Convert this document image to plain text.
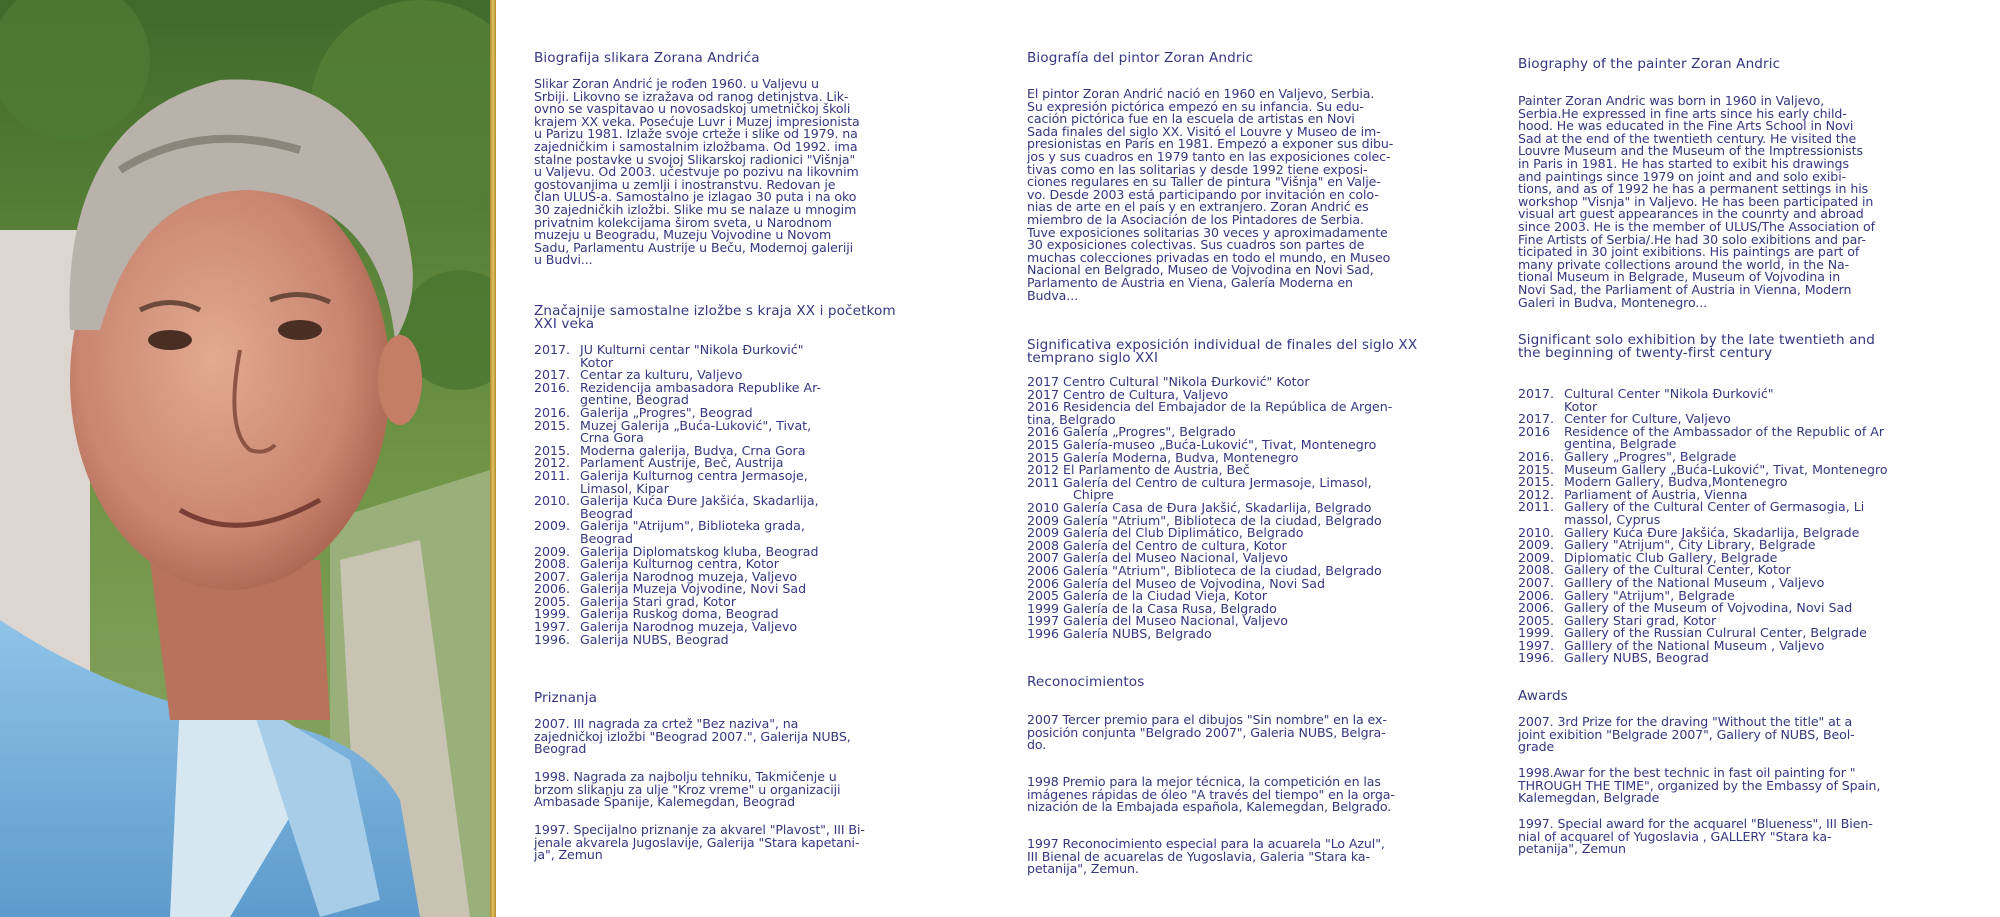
Biografija slikara Zorana Andrića

Slikar Zoran Andrić je rođen 1960. u Valjevu u

Srbiji. Likovno se izražava od ranog detinjstva. Lik-

ovno se vaspitavao u novosadskoj umetničkoj školi

krajem XX veka. Posećuje Luvr i Muzej impresionista

u Parizu 1981. Izlaže svoje crteže i slike od 1979. na

zajedničkim i samostalnim izložbama. Od 1992. ima

stalne postavke u svojoj Slikarskoj radionici "Višnja"

u Valjevu. Od 2003. učestvuje po pozivu na likovnim

gostovanjima u zemlji i inostranstvu. Redovan je

član ULUS-a. Samostalno je izlagao 30 puta i na oko

30 zajedničkih izložbi. Slike mu se nalaze u mnogim

privatnim kolekcijama širom sveta, u Narodnom

muzeju u Beogradu, Muzeju Vojvodine u Novom

Sadu, Parlamentu Austrije u Beču, Modernoj galeriji

u Budvi...

Značajnije samostalne izložbe s kraja XX i početkom

XXI veka

2017. JU Kulturni centar "Nikola Đurković"
Kotor
2017. Centar za kulturu, Valjevo
2016. Rezidencija ambasadora Republike Ar-
gentine, Beograd
2016. Galerija „Progres", Beograd
2015. Muzej Galerija „Buća-Luković", Tivat,
Crna Gora
2015. Moderna galerija, Budva, Crna Gora
2012. Parlament Austrije, Beč, Austrija
2011. Galerija Kulturnog centra Jermasoje,
Limasol, Kipar
2010. Galerija Kuća Đure Jakšića, Skadarlija,
Beograd
2009. Galerija "Atrijum", Biblioteka grada,
Beograd
2009. Galerija Diplomatskog kluba, Beograd
2008. Galerija Kulturnog centra, Kotor
2007. Galerija Narodnog muzeja, Valjevo
2006. Galerija Muzeja Vojvodine, Novi Sad
2005. Galerija Stari grad, Kotor
1999. Galerija Ruskog doma, Beograd
1997. Galerija Narodnog muzeja, Valjevo
1996. Galerija NUBS, Beograd

Priznanja

2007. III nagrada za crtež "Bez naziva", na

zajedničkoj izložbi "Beograd 2007.", Galerija NUBS,

Beograd

1998. Nagrada za najbolju tehniku, Takmičenje u

brzom slikanju za ulje "Kroz vreme" u organizaciji

Ambasade Španije, Kalemegdan, Beograd

1997. Specijalno priznanje za akvarel "Plavost", III Bi-

jenale akvarela Jugoslavije, Galerija "Stara kapetani-

ja", Zemun

Biografía del pintor Zoran Andric

El pintor Zoran Andrić nació en 1960 en Valjevo, Serbia.

Su expresión pictórica empezó en su infancia. Su edu-

cación pictórica fue en la escuela de artistas en Novi

Sada finales del siglo XX. Visitó el Louvre y Museo de im-

presionistas en París en 1981. Empezó a exponer sus dibu-

jos y sus cuadros en 1979 tanto en las exposiciones colec-

tivas como en las solitarias y desde 1992 tiene exposi-

ciones regulares en su Taller de pintura "Višnja" en Valje-

vo. Desde 2003 está participando por invitación en colo-

nias de arte en el país y en extranjero. Zoran Andrić es

miembro de la Asociación de los Pintadores de Serbia.

Tuve exposiciones solitarias 30 veces y aproximadamente

30 exposiciones colectivas. Sus cuadros son partes de

muchas colecciones privadas en todo el mundo, en Museo

Nacional en Belgrado, Museo de Vojvodina en Novi Sad,

Parlamento de Austria en Viena, Galería Moderna en

Budva...

Significativa exposición individual de finales del siglo XX

temprano siglo XXI

2017 Centro Cultural "Nikola Đurković" Kotor
2017 Centro de Cultura, Valjevo
2016 Residencia del Embajador de la República de Argen-
tina, Belgrado
2016 Galería „Progres", Belgrado
2015 Galería-museo „Buća-Luković", Tivat, Montenegro
2015 Galería Moderna, Budva, Montenegro
2012 El Parlamento de Austria, Beč
2011 Galería del Centro de cultura Jermasoje, Limasol,
Chipre
2010 Galería Casa de Đura Jakšić, Skadarlija, Belgrado
2009 Galería "Atrium", Biblioteca de la ciudad, Belgrado
2009 Galería del Club Diplimático, Belgrado
2008 Galería del Centro de cultura, Kotor
2007 Galería del Museo Nacional, Valjevo
2006 Galería "Atrium", Biblioteca de la ciudad, Belgrado
2006 Galería del Museo de Vojvodina, Novi Sad
2005 Galería de la Ciudad Vieja, Kotor
1999 Galería de la Casa Rusa, Belgrado
1997 Galería del Museo Nacional, Valjevo
1996 Galería NUBS, Belgrado

Reconocimientos

2007 Tercer premio para el dibujos "Sin nombre" en la ex-

posición conjunta "Belgrado 2007", Galeria NUBS, Belgra-

do.

1998 Premio para la mejor técnica, la competición en las

imágenes rápidas de óleo "A través del tiempo" en la orga-

nización de la Embajada española, Kalemegdan, Belgrado.

1997 Reconocimiento especial para la acuarela "Lo Azul",

III Bienal de acuarelas de Yugoslavia, Galeria "Stara ka-

petanija", Zemun.

Biography of the painter Zoran Andric

Painter Zoran Andric was born in 1960 in Valjevo,

Serbia.He expressed in fine arts since his early child-

hood. He was educated in the Fine Arts School in Novi

Sad at the end of the twentieth century. He visited the

Louvre Museum and the Museum of the Imptressionists

in Paris in 1981. He has started to exibit his drawings

and paintings since 1979 on joint and and solo exibi-

tions, and as of 1992 he has a permanent settings in his

workshop "Visnja" in Valjevo. He has been participated in

visual art guest appearances in the counrty and abroad

since 2003. He is the member of ULUS/The Association of

Fine Artists of Serbia/.He had 30 solo exibitions and par-

ticipated in 30 joint exibitions. His paintings are part of

many private collections around the world, in the Na-

tional Museum in Belgrade, Museum of Vojvodina in

Novi Sad, the Parliament of Austria in Vienna, Modern

Galeri in Budva, Montenegro...

Significant solo exhibition by the late twentieth and

the beginning of twenty-first century

2017. Cultural Center "Nikola Đurković"
Kotor
2017. Center for Culture, Valjevo
2016 Residence of the Ambassador of the Republic of Ar
gentina, Belgrade
2016. Gallery „Progres", Belgrade
2015. Museum Gallery „Buća-Luković", Tivat, Montenegro
2015. Modern Gallery, Budva,Montenegro
2012. Parliament of Austria, Vienna
2011. Gallery of the Cultural Center of Germasogia, Li
massol, Cyprus
2010. Gallery Kuća Đure Jakšića, Skadarlija, Belgrade
2009. Gallery "Atrijum", City Library, Belgrade
2009. Diplomatic Club Gallery, Belgrade
2008. Gallery of the Cultural Center, Kotor
2007. Galllery of the National Museum , Valjevo
2006. Gallery "Atrijum", Belgrade
2006. Gallery of the Museum of Vojvodina, Novi Sad
2005. Gallery Stari grad, Kotor
1999. Gallery of the Russian Culrural Center, Belgrade
1997. Galllery of the National Museum , Valjevo
1996. Gallery NUBS, Beograd

Awards

2007. 3rd Prize for the draving "Without the title" at a

joint exibition "Belgrade 2007", Gallery of NUBS, Beol-

grade

1998.Awar for the best technic in fast oil painting for "

THROUGH THE TIME", organized by the Embassy of Spain,

Kalemegdan, Belgrade

1997. Special award for the acquarel "Blueness", III Bien-

nial of acquarel of Yugoslavia , GALLERY "Stara ka-

petanija", Zemun
